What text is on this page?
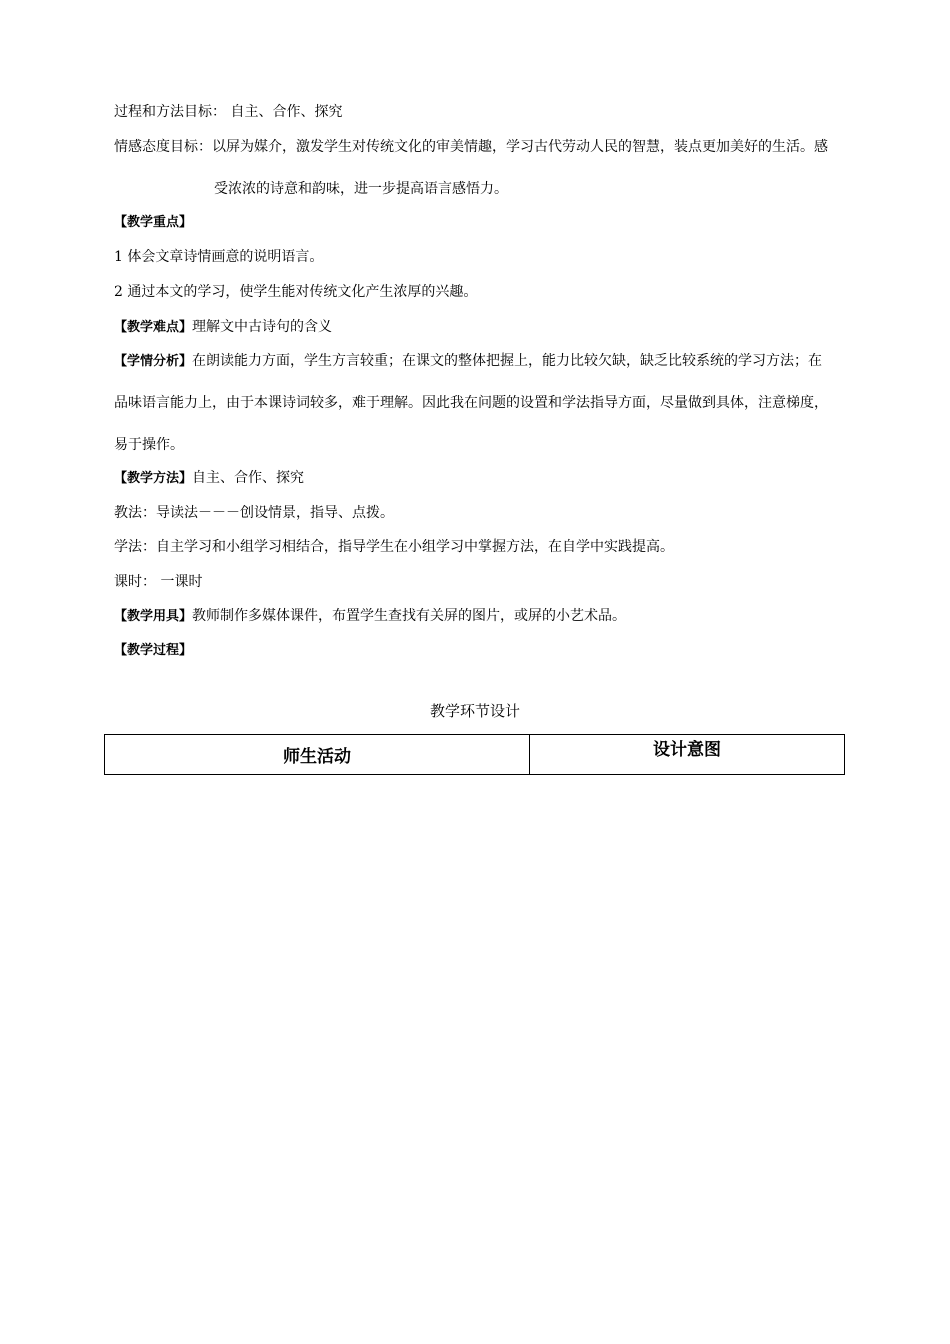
过程和方法目标： 自主、合作、探究
情感态度目标：以屏为媒介，激发学生对传统文化的审美情趣，学习古代劳动人民的智慧，装点更加美好的生活。感
受浓浓的诗意和韵味，进一步提高语言感悟力。
【教学重点】
1 体会文章诗情画意的说明语言。
2 通过本文的学习，使学生能对传统文化产生浓厚的兴趣。
【教学难点】理解文中古诗句的含义
【学情分析】在朗读能力方面，学生方言较重；在课文的整体把握上，能力比较欠缺，缺乏比较系统的学习方法；在
品味语言能力上，由于本课诗词较多，难于理解。因此我在问题的设置和学法指导方面，尽量做到具体，注意梯度，
易于操作。
【教学方法】自主、合作、探究
教法：导读法－－－创设情景，指导、点拨。
学法：自主学习和小组学习相结合，指导学生在小组学习中掌握方法，在自学中实践提高。
课时： 一课时
【教学用具】教师制作多媒体课件，布置学生查找有关屏的图片，或屏的小艺术品。
【教学过程】
教学环节设计
师生活动	设计意图
